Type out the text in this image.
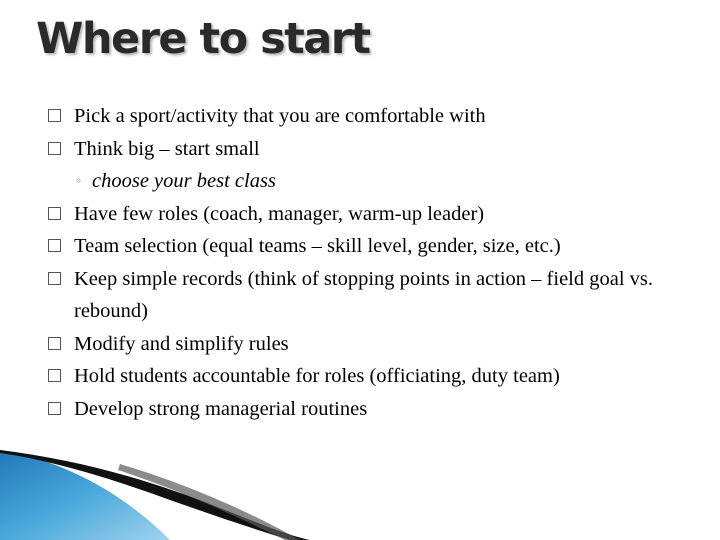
Where to start
Pick a sport/activity that you are comfortable with
Think big – start small
◦ choose your best class
Have few roles (coach, manager, warm-up leader)
Team selection (equal teams – skill level, gender, size, etc.)
Keep simple records (think of stopping points in action – field goal vs. rebound)
Modify and simplify rules
Hold students accountable for roles (officiating, duty team)
Develop strong managerial routines
